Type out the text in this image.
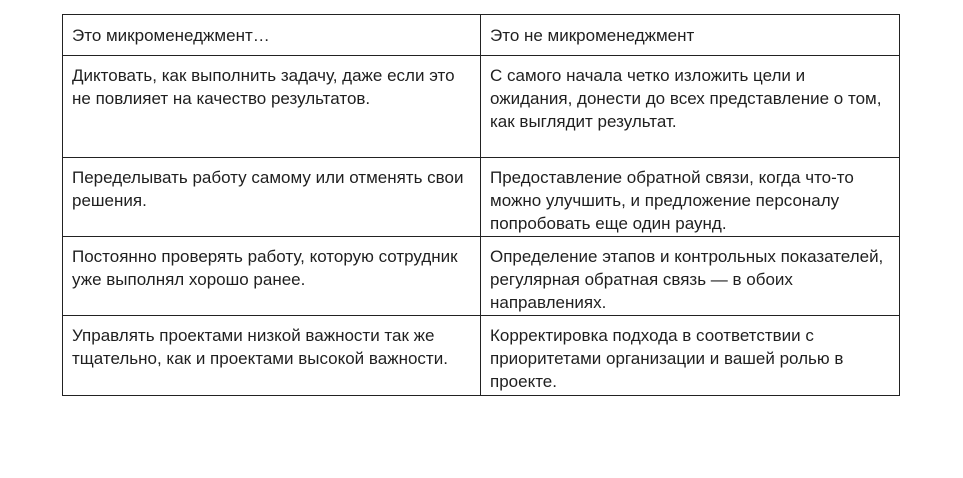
Это микроменеджмент…	Это не микроменеджмент
Диктовать, как выполнить задачу, даже если это не повлияет на качество результатов.	С самого начала четко изложить цели и ожидания, донести до всех представление о том, как выглядит результат.
Переделывать работу самому или отменять свои решения.	Предоставление обратной связи, когда что-то можно улучшить, и предложение персоналу попробовать еще один раунд.
Постоянно проверять работу, которую сотрудник уже выполнял хорошо ранее.	Определение этапов и контрольных показателей, регулярная обратная связь — в обоих направлениях.
Управлять проектами низкой важности так же тщательно, как и проектами высокой важности.	Корректировка подхода в соответствии с приоритетами организации и вашей ролью в проекте.
